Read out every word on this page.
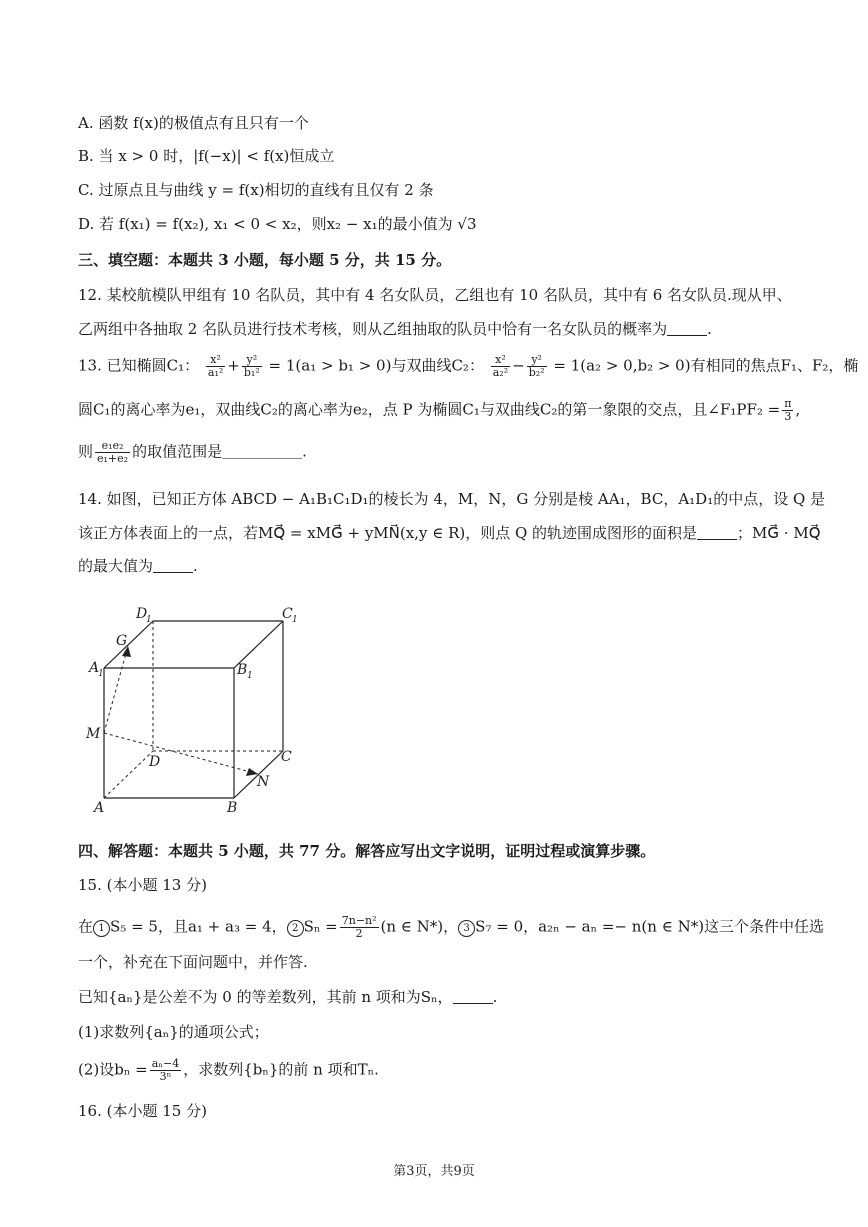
A. 函数 f(x)的极值点有且只有一个
B. 当 x > 0 时，|f(−x)| < f(x)恒成立
C. 过原点且与曲线 y = f(x)相切的直线有且仅有 2 条
D. 若 f(x₁) = f(x₂), x₁ < 0 < x₂，则x₂ − x₁的最小值为 √3
三、填空题：本题共 3 小题，每小题 5 分，共 15 分。
12. 某校航模队甲组有 10 名队员，其中有 4 名女队员，乙组也有 10 名队员，其中有 6 名女队员.现从甲、
乙两组中各抽取 2 名队员进行技术考核，则从乙组抽取的队员中恰有一名女队员的概率为	.
13. 已知椭圆C₁： $\frac{\text{x²}}{\text{a₁²}} + \frac{\text{y²}}{\text{b₁²}} = 1(a_1 > b_1 > 0)$与双曲线C₂： $\frac{\text{x²}}{\text{a₂²}} - \frac{\text{y²}}{\text{b₂²}} = 1(a_2 > 0,b_2 > 0)$有相同的焦点F₁、F₂，椭
圆C₁的离心率为e₁，双曲线C₂的离心率为e₂，点 P 为椭圆C₁与双曲线C₂的第一象限的交点，且∠F₁PF₂ = $\frac{\pi}{3}$ ,
则 $\frac{\text{e₁e₂}}{\text{e₁+e₂}}$ 的取值范围是	.
14. 如图，已知正方体 ABCD − A₁B₁C₁D₁的棱长为 4，M，N，G 分别是棱 AA₁，BC，A₁D₁的中点，设 Q 是
该正方体表面上的一点，若MQ⃗ = xMG⃗ + yMN⃗(x,y ∈ R)，则点 Q 的轨迹围成图形的面积是	；MG⃗ · MQ⃗
的最大值为	.
D
1	C 1
G
A
1	B 1
M
D	C
N
A	B
四、解答题：本题共 5 小题，共 77 分。解答应写出文字说明，证明过程或演算步骤。
15. (本小题 13 分)
在 1 S₅ = 5，且a₁ + a₃ = 4， 2 $S_n = \frac{\text{7n−n²}}{2} (n$ ∈ N*)， 3 S₇ = 0，a₂ₙ − aₙ =− n(n ∈ N*)这三个条件中任选
一个，补充在下面问题中，并作答.
已知{aₙ}是公差不为 0 的等差数列，其前 n 项和为Sₙ，	.
(1)求数列{aₙ}的通项公式；
(2)设$b_n = \frac{\text{aₙ−4}}{\text{3ⁿ}}$ ，求数列{bₙ}的前 n 项和Tₙ.
16. (本小题 15 分)
第3页，共9页
